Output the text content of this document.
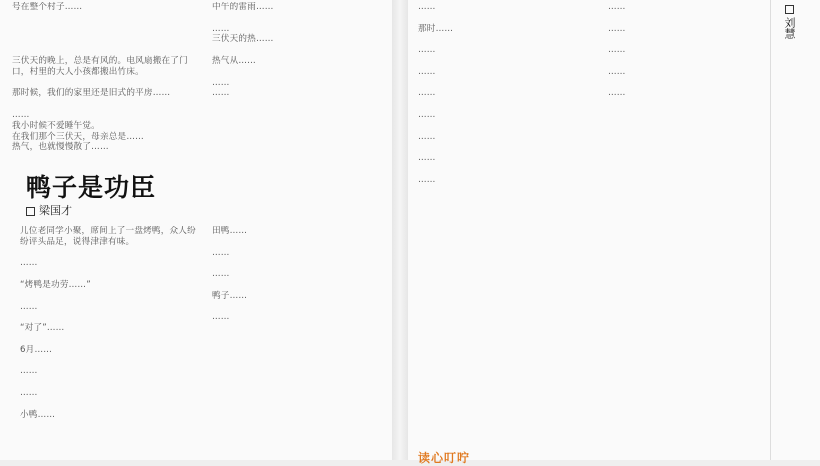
号在整个村子……

三伏天的晚上，总是有风的。电风扇搬在了门口，村里的大人小孩都搬出竹床。

那时候，我们的家里还是旧式的平房……

……
我小时候不爱睡午觉。
在我们那个三伏天，母亲总是……
热气，也就慢慢散了……

中午的雷雨……

……
三伏天的热……

热气从……

……
……
鸭子是功臣
梁国才
儿位老同学小聚，席间上了一盘烤鸭，众人纷纷评头品足，说得津津有味。

……

“烤鸭是功劳……”

……

“对了”……

6月……

……

……

小鸭……
田鸭……

……

……

鸭子……

……
……

那时……

……

……

……

……

……

……

……
……

……

……

……

……
读心叮咛
刘慧
